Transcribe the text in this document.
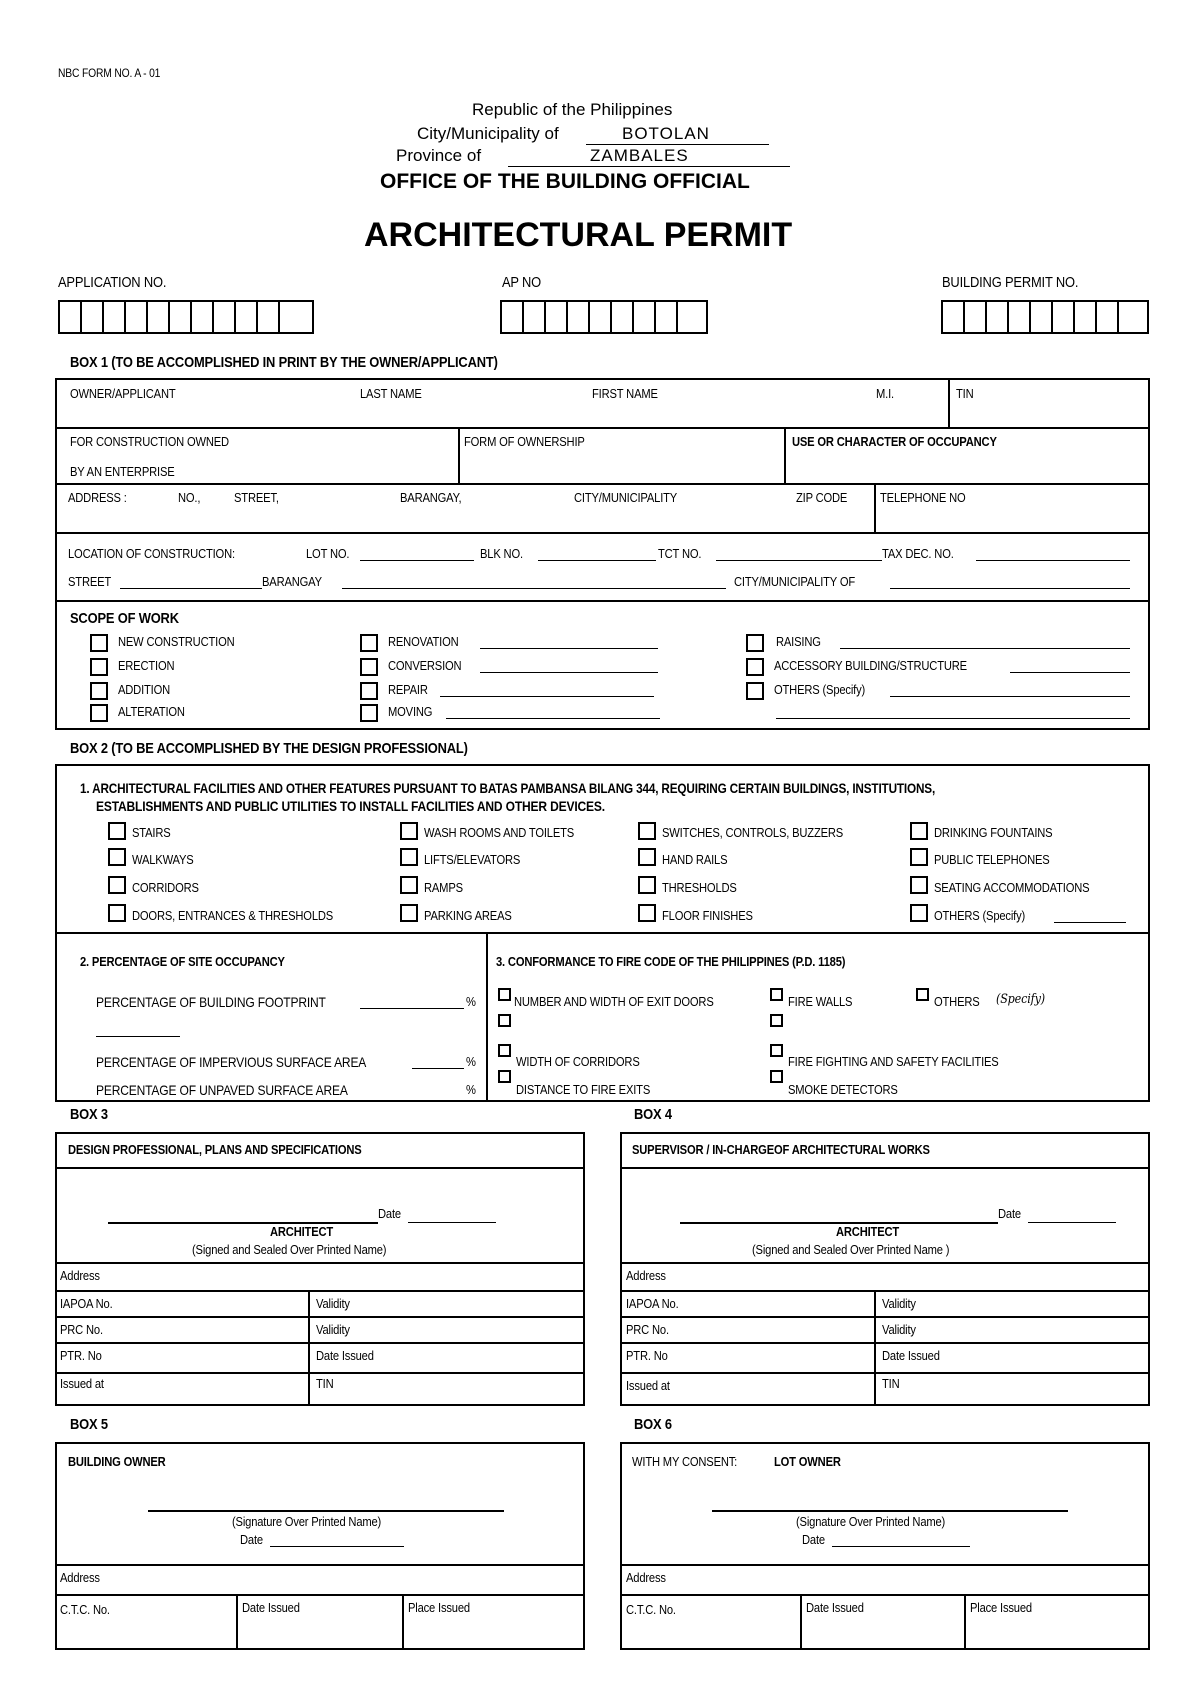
NBC FORM NO. A - 01
Republic of the Philippines
City/Municipality of	BOTOLAN
Province of	ZAMBALES
OFFICE OF THE BUILDING OFFICIAL
ARCHITECTURAL PERMIT
APPLICATION NO.	AP NO	BUILDING PERMIT NO.
BOX 1 (TO BE ACCOMPLISHED IN PRINT BY THE OWNER/APPLICANT)
OWNER/APPLICANT	LAST NAME	FIRST NAME	M.I.	TIN
FOR CONSTRUCTION OWNED
BY AN ENTERPRISE
FORM OF OWNERSHIP	USE OR CHARACTER OF OCCUPANCY
ADDRESS :	NO.,	STREET,	BARANGAY,	CITY/MUNICIPALITY	ZIP CODE	TELEPHONE NO
LOCATION OF CONSTRUCTION:	LOT NO.	BLK NO.	TCT NO.	TAX DEC. NO.
STREET	BARANGAY	CITY/MUNICIPALITY OF
SCOPE OF WORK
NEW CONSTRUCTION
ERECTION
ADDITION
ALTERATION
RENOVATION
CONVERSION
REPAIR
MOVING
RAISING
ACCESSORY BUILDING/STRUCTURE
OTHERS (Specify)
BOX 2 (TO BE ACCOMPLISHED BY THE DESIGN PROFESSIONAL)
1. ARCHITECTURAL FACILITIES AND OTHER FEATURES PURSUANT TO BATAS PAMBANSA BILANG 344, REQUIRING CERTAIN BUILDINGS, INSTITUTIONS,
ESTABLISHMENTS AND PUBLIC UTILITIES TO INSTALL FACILITIES AND OTHER DEVICES.
STAIRS
WALKWAYS
CORRIDORS
DOORS, ENTRANCES & THRESHOLDS
WASH ROOMS AND TOILETS
LIFTS/ELEVATORS
RAMPS
PARKING AREAS
SWITCHES, CONTROLS, BUZZERS
HAND RAILS
THRESHOLDS
FLOOR FINISHES
DRINKING FOUNTAINS
PUBLIC TELEPHONES
SEATING ACCOMMODATIONS
OTHERS (Specify)
2. PERCENTAGE OF SITE OCCUPANCY
PERCENTAGE OF BUILDING FOOTPRINT	%
PERCENTAGE OF IMPERVIOUS SURFACE AREA	%
PERCENTAGE OF UNPAVED SURFACE AREA	%
3. CONFORMANCE TO FIRE CODE OF THE PHILIPPINES (P.D. 1185)
NUMBER AND WIDTH OF EXIT DOORS	FIRE WALLS	OTHERS (Specify)
WIDTH OF CORRIDORS	FIRE FIGHTING AND SAFETY FACILITIES
DISTANCE TO FIRE EXITS	SMOKE DETECTORS
BOX 3
DESIGN PROFESSIONAL, PLANS AND SPECIFICATIONS
Date
ARCHITECT
(Signed and Sealed Over Printed Name)
Address
IAPOA No.	Validity
PRC No.	Validity
PTR. No	Date Issued
Issued at	TIN
BOX 4
SUPERVISOR / IN-CHARGEOF ARCHITECTURAL WORKS
Date
ARCHITECT
(Signed and Sealed Over Printed Name )
Address
IAPOA No.	Validity
PRC No.	Validity
PTR. No	Date Issued
Issued at	TIN
BOX 5
BUILDING OWNER
(Signature Over Printed Name)
Date
Address
C.T.C. No.	Date Issued	Place Issued
BOX 6
WITH MY CONSENT:	LOT OWNER
(Signature Over Printed Name)
Date
Address
C.T.C. No.	Date Issued	Place Issued
